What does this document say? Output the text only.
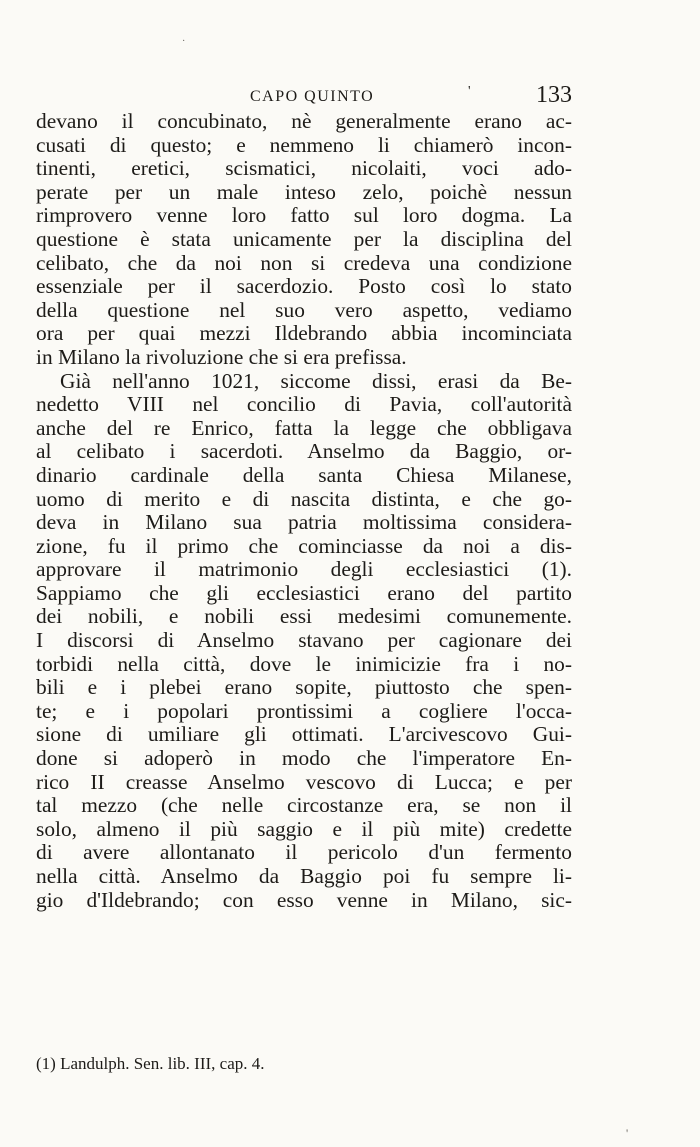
·
CAPO QUINTO	'	133
devano il concubinato, nè generalmente erano ac-
cusati di questo; e nemmeno li chiamerò incon-
tinenti, eretici, scismatici, nicolaiti, voci ado-
perate per un male inteso zelo, poichè nessun
rimprovero venne loro fatto sul loro dogma. La
questione è stata unicamente per la disciplina del
celibato, che da noi non si credeva una condizione
essenziale per il sacerdozio. Posto così lo stato
della questione nel suo vero aspetto, vediamo
ora per quai mezzi Ildebrando abbia incominciata
in Milano la rivoluzione che si era prefissa.
Già nell'anno 1021, siccome dissi, erasi da Be-
nedetto VIII nel concilio di Pavia, coll'autorità
anche del re Enrico, fatta la legge che obbligava
al celibato i sacerdoti. Anselmo da Baggio, or-
dinario cardinale della santa Chiesa Milanese,
uomo di merito e di nascita distinta, e che go-
deva in Milano sua patria moltissima considera-
zione, fu il primo che cominciasse da noi a dis-
approvare il matrimonio degli ecclesiastici (1).
Sappiamo che gli ecclesiastici erano del partito
dei nobili, e nobili essi medesimi comunemente.
I discorsi di Anselmo stavano per cagionare dei
torbidi nella città, dove le inimicizie fra i no-
bili e i plebei erano sopite, piuttosto che spen-
te; e i popolari prontissimi a cogliere l'occa-
sione di umiliare gli ottimati. L'arcivescovo Gui-
done si adoperò in modo che l'imperatore En-
rico II creasse Anselmo vescovo di Lucca; e per
tal mezzo (che nelle circostanze era, se non il
solo, almeno il più saggio e il più mite) credette
di avere allontanato il pericolo d'un fermento
nella città. Anselmo da Baggio poi fu sempre li-
gio d'Ildebrando; con esso venne in Milano, sic-
(1) Landulph. Sen. lib. III, cap. 4.
'
